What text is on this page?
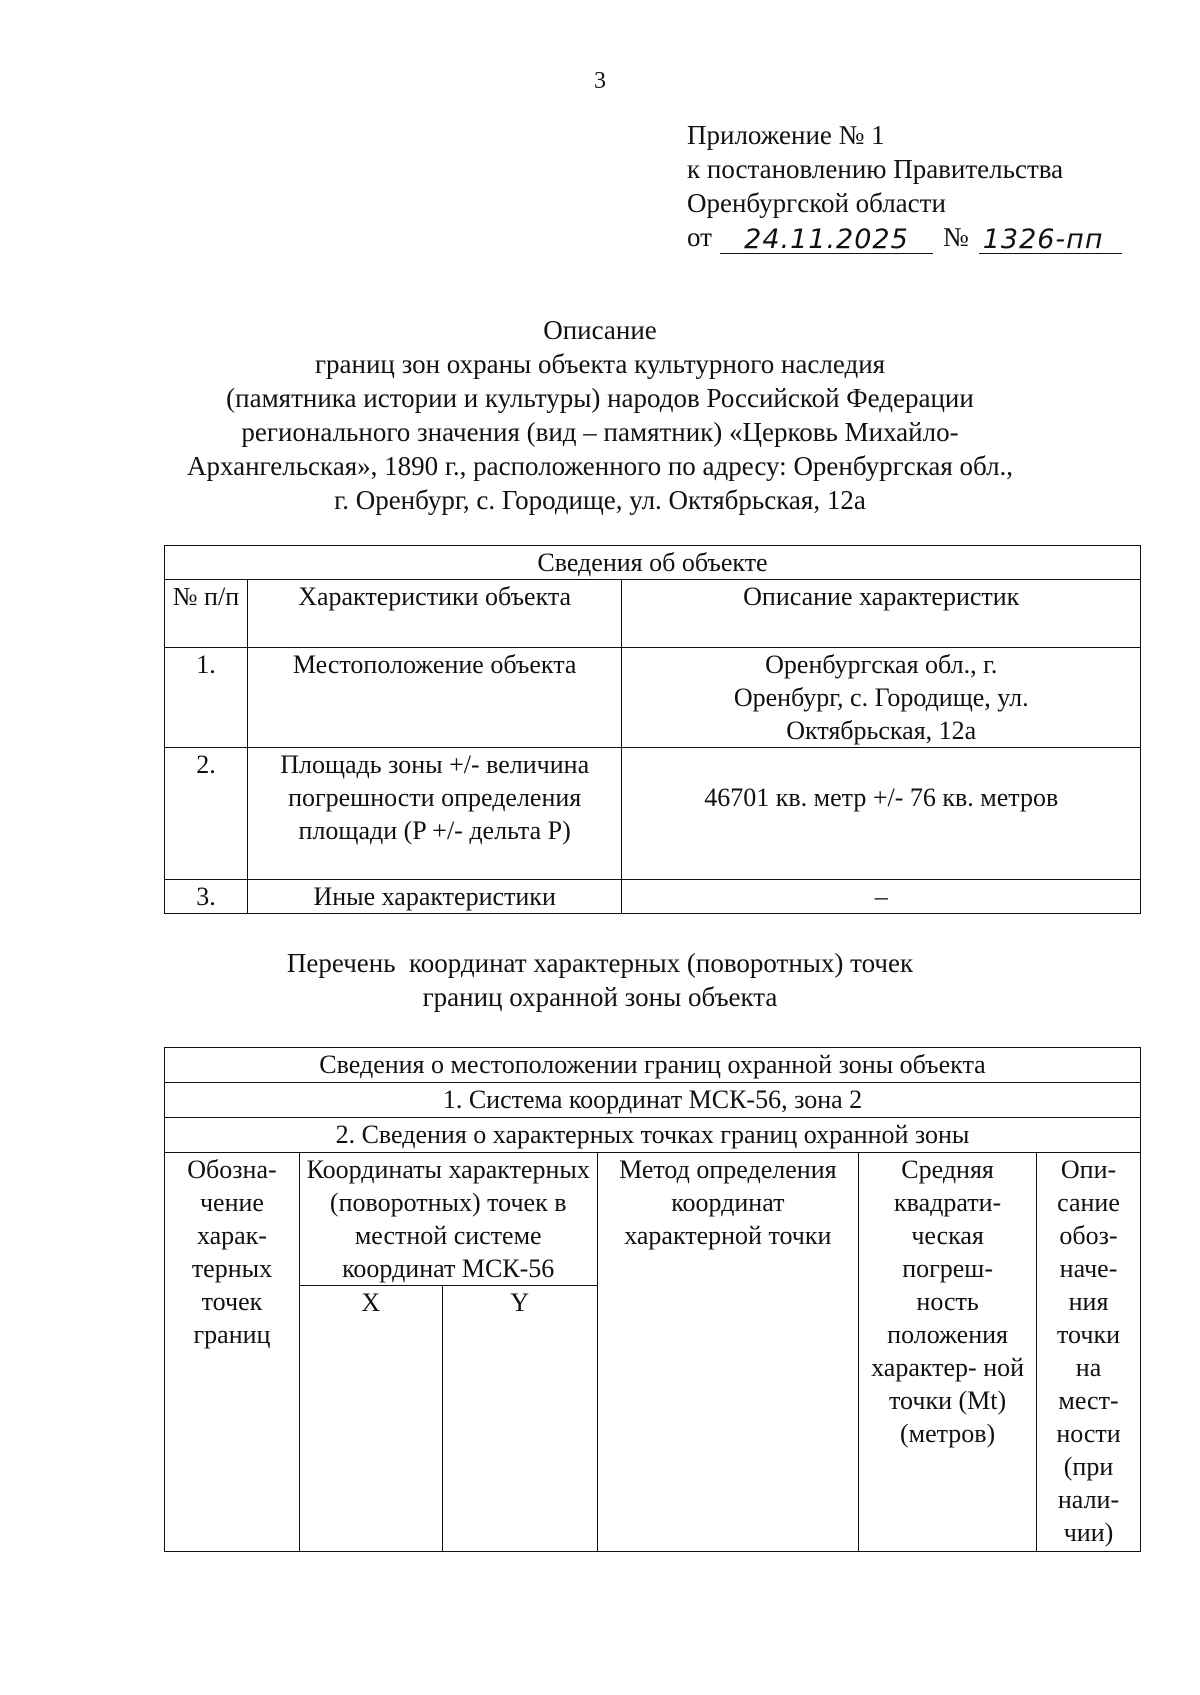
3
Приложение № 1
к постановлению Правительства
Оренбургской области
от	24.11.2025	№ 1326-пп
Описание
границ зон охраны объекта культурного наследия
(памятника истории и культуры) народов Российской Федерации
регионального значения (вид – памятник) «Церковь Михайло-
Архангельская», 1890 г., расположенного по адресу: Оренбургская обл.,
г. Оренбург, с. Городище, ул. Октябрьская, 12а
Сведения об объекте		
№ п/п	Характеристики объекта	Описание характеристик
1.	Местоположение объекта	Оренбургская обл., г. Оренбург, с. Городище, ул. Октябрьская, 12а
2.	Площадь зоны +/- величина погрешности определения площади (P +/- дельта P)	46701 кв. метр +/- 76 кв. метров
3.	Иные характеристики	–
Перечень  координат характерных (поворотных) точек
границ охранной зоны объекта
Сведения о местоположении границ охранной зоны объекта					
1. Система координат МСК-56, зона 2					
2. Сведения о характерных точках границ охранной зоны					
Обозна- чение харак- терных точек границ	Координаты характерных (поворотных) точек в местной системе координат МСК-56		Метод определения координат характерной точки	Средняя квадрати- ческая погреш- ность положения характер- ной точки (Mt) (метров)	Опи- сание обоз- наче- ния точки на мест- ности (при нали- чии)
	X	Y			
